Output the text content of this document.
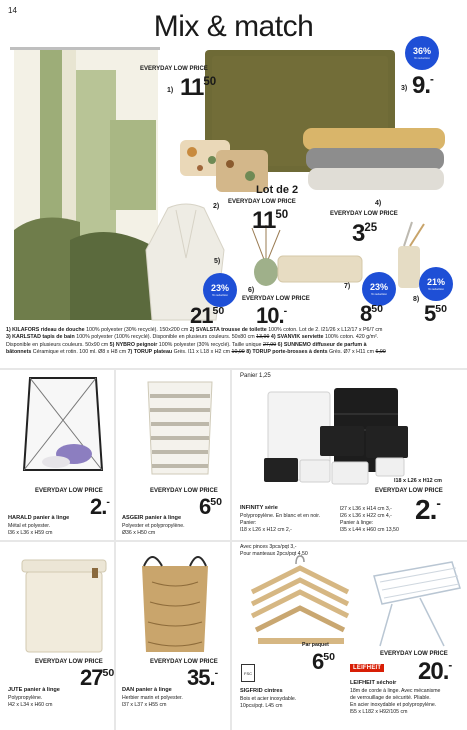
14	Mix & match
EVERYDAY LOW PRICE
1) $11^{50}$
36%
% reduction
3) 9.-
Lot de 2
EVERYDAY LOW PRICE
2)
$11^{50}$
4)
EVERYDAY LOW PRICE
$3^{25}$
5)
23%
% reduction
$21^{50}$
6)
EVERYDAY LOW PRICE
10.-
23%
% reduction
7)
$8^{50}$
21%
% reduction
8)
$5^{50}$
1) KILAFORS rideau de douche 100% polyester (30% recyclé). 150x200 cm 2) SVALSTA trousse de toilette 100% coton. Lot de 2. l21/26 x L12/17 x P6/7 cm
3) KARLSTAD tapis de bain 100% polyester (100% recyclé). Disponible en plusieurs couleurs. 50x80 cm 13,99 4) SVANVIK serviette 100% coton. 420 g/m².
Disponible en plusieurs couleurs. 50x90 cm 5) NYBRO peignoir 100% polyester (30% recyclé). Taille unique 27,99 6) SUNNEMO diffuseur de parfum à
bâtonnets Céramique et rotin. 100 ml. Ø8 x H8 cm 7) TORUP plateau Grès. l11 x L18 x H2 cm 10,99 8) TORUP porte-brosses à dents Grès. Ø7 x H11 cm 6,99
EVERYDAY LOW PRICE
2.-
HARALD panier à linge
Métal et polyester.
l36 x L36 x H59 cm
EVERYDAY LOW PRICE
$6^{50}$
ASGEIR panier à linge
Polyester et polypropylène.
Ø36 x H50 cm
Panier 1,25
l18 x L26 x H12 cm
EVERYDAY LOW PRICE
2.-
INFINITY série
Polypropylène. En blanc et en noir.
Panier:
l18 x L26 x H12 cm 2,-
l27 x L36 x H14 cm 3,-
l26 x L36 x H22 cm 4,-
Panier à linge:
l35 x L44 x H60 cm 13,50
EVERYDAY LOW PRICE
$27^{50}$
JUTE panier à linge
Polypropylène.
l42 x L34 x H60 cm
EVERYDAY LOW PRICE
35.-
DAN panier à linge
Herbier marin et polyester.
l37 x L37 x H55 cm
Avec pinces 3pcs/pqt 3,-
Pour manteaux 2pcs/pqt 4,50
Par paquet
$6^{50}$
FSC
SIGFRID cintres
Bois et acier inoxydable.
10pcs/pqt. L45 cm
EVERYDAY LOW PRICE
LEIFHEIT 20.-
LEIFHEIT séchoir
18m de corde à linge. Avec mécanisme
de verrouillage de sécurité. Pliable.
En acier inoxydable et polypropylène.
l55 x L182 x H92/105 cm
